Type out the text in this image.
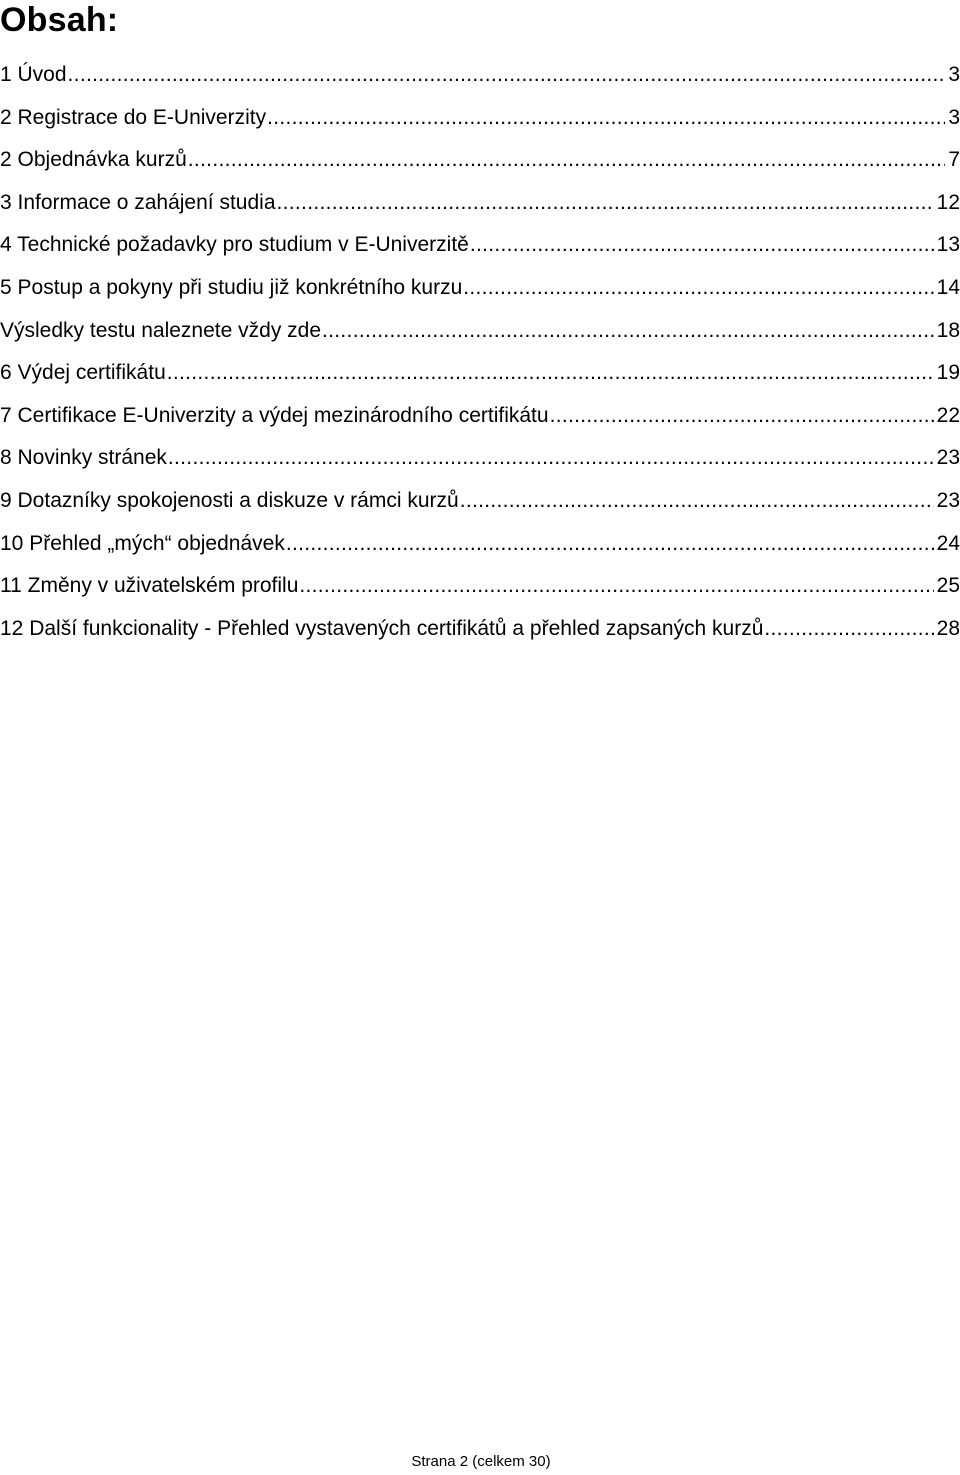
Obsah:
1 Úvod .....	3
2 Registrace do E-Univerzity .....	3
2 Objednávka kurzů .....	7
3 Informace o zahájení studia .....	12
4 Technické požadavky pro studium v E-Univerzitě .....	13
5 Postup a pokyny při studiu již konkrétního kurzu .....	14
Výsledky testu naleznete vždy zde .....	18
6 Výdej certifikátu .....	19
7 Certifikace E-Univerzity a výdej mezinárodního certifikátu .....	22
8 Novinky stránek .....	23
9 Dotazníky spokojenosti a diskuze v rámci kurzů .....	23
10 Přehled „mých“ objednávek .....	24
11 Změny v uživatelském profilu .....	25
12 Další funkcionality - Přehled vystavených certifikátů a přehled zapsaných kurzů .....	28
Strana 2 (celkem 30)
